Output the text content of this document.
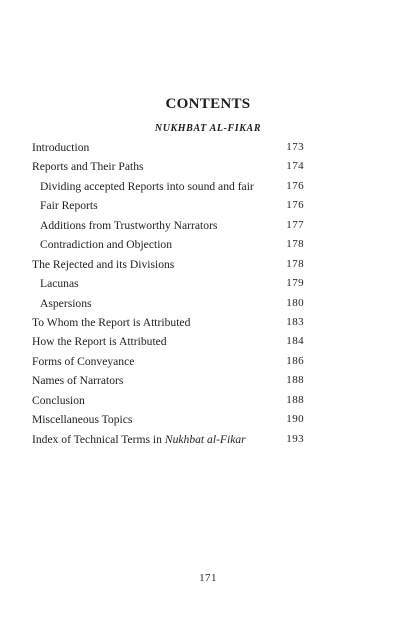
CONTENTS
NUKHBAT AL-FIKAR
Introduction	173
Reports and Their Paths	174
Dividing accepted Reports into sound and fair	176
Fair Reports	176
Additions from Trustworthy Narrators	177
Contradiction and Objection	178
The Rejected and its Divisions	178
Lacunas	179
Aspersions	180
To Whom the Report is Attributed	183
How the Report is Attributed	184
Forms of Conveyance	186
Names of Narrators	188
Conclusion	188
Miscellaneous Topics	190
Index of Technical Terms in Nukhbat al-Fikar	193
171
